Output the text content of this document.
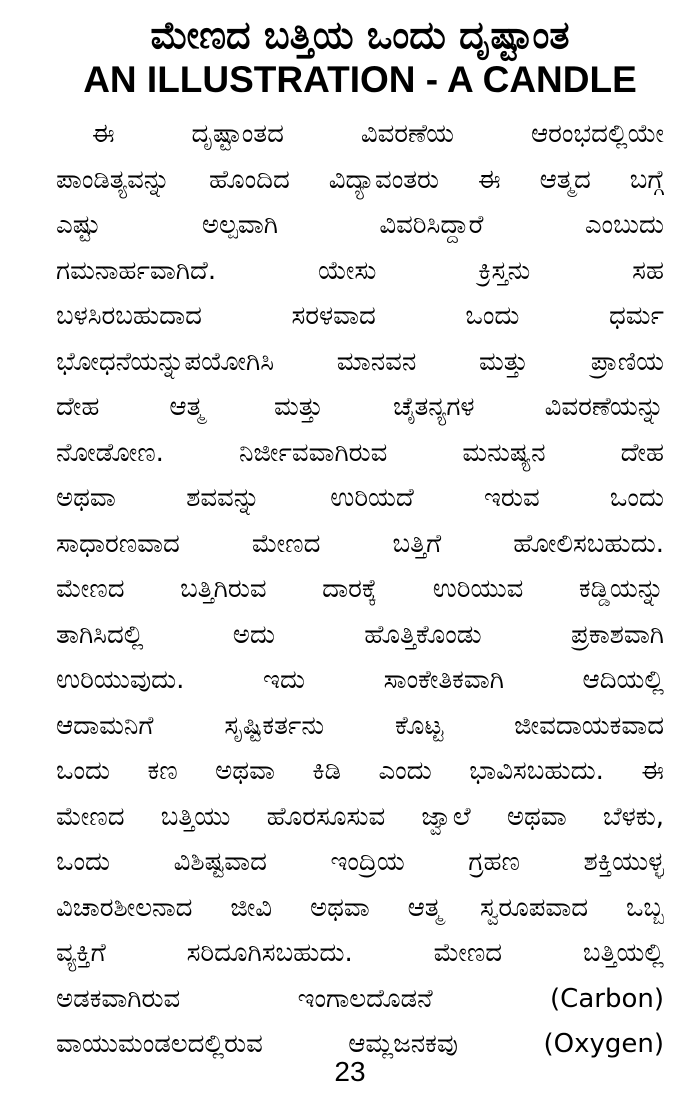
ಮೇಣದ ಬತ್ತಿಯ ಒಂದು ದೃಷ್ಟಾಂತ
AN ILLUSTRATION - A CANDLE
ಈ ದೃಷ್ಟಾಂತದ ವಿವರಣೆಯ ಆರಂಭದಲ್ಲಿಯೇ
ಪಾಂಡಿತ್ಯವನ್ನು ಹೊಂದಿದ ವಿದ್ಯಾವಂತರು ಈ ಆತ್ಮದ ಬಗ್ಗೆ
ಎಷ್ಟು ಅಲ್ಪವಾಗಿ ವಿವರಿಸಿದ್ದಾರೆ ಎಂಬುದು
ಗಮನಾರ್ಹವಾಗಿದೆ. ಯೇಸು ಕ್ರಿಸ್ತನು ಸಹ
ಬಳಸಿರಬಹುದಾದ ಸರಳವಾದ ಒಂದು ಧರ್ಮ
ಭೋಧನೆಯನ್ನುಪಯೋಗಿಸಿ ಮಾನವನ ಮತ್ತು ಪ್ರಾಣಿಯ
ದೇಹ ಆತ್ಮ ಮತ್ತು ಚೈತನ್ಯಗಳ ವಿವರಣೆಯನ್ನು
ನೋಡೋಣ. ನಿರ್ಜೀವವಾಗಿರುವ ಮನುಷ್ಯನ ದೇಹ
ಅಥವಾ ಶವವನ್ನು ಉರಿಯದೆ ಇರುವ ಒಂದು
ಸಾಧಾರಣವಾದ ಮೇಣದ ಬತ್ತಿಗೆ ಹೋಲಿಸಬಹುದು.
ಮೇಣದ ಬತ್ತಿಗಿರುವ ದಾರಕ್ಕೆ ಉರಿಯುವ ಕಡ್ಡಿಯನ್ನು
ತಾಗಿಸಿದಲ್ಲಿ ಅದು ಹೊತ್ತಿಕೊಂಡು ಪ್ರಕಾಶವಾಗಿ
ಉರಿಯುವುದು. ಇದು ಸಾಂಕೇತಿಕವಾಗಿ ಆದಿಯಲ್ಲಿ
ಆದಾಮನಿಗೆ ಸೃಷ್ಟಿಕರ್ತನು ಕೊಟ್ಟ ಜೀವದಾಯಕವಾದ
ಒಂದು ಕಣ ಅಥವಾ ಕಿಡಿ ಎಂದು ಭಾವಿಸಬಹುದು. ಈ
ಮೇಣದ ಬತ್ತಿಯು ಹೊರಸೂಸುವ ಜ್ವಾಲೆ ಅಥವಾ ಬೆಳಕು,
ಒಂದು ವಿಶಿಷ್ಟವಾದ ಇಂದ್ರಿಯ ಗ್ರಹಣ ಶಕ್ತಿಯುಳ್ಳ
ವಿಚಾರಶೀಲನಾದ ಜೀವಿ ಅಥವಾ ಆತ್ಮ ಸ್ವರೂಪವಾದ ಒಬ್ಬ
ವ್ಯಕ್ತಿಗೆ ಸರಿದೂಗಿಸಬಹುದು. ಮೇಣದ ಬತ್ತಿಯಲ್ಲಿ
ಅಡಕವಾಗಿರುವ ಇಂಗಾಲದೊಡನೆ (Carbon)
ವಾಯುಮಂಡಲದಲ್ಲಿರುವ ಆಮ್ಲಜನಕವು (Oxygen)
23
